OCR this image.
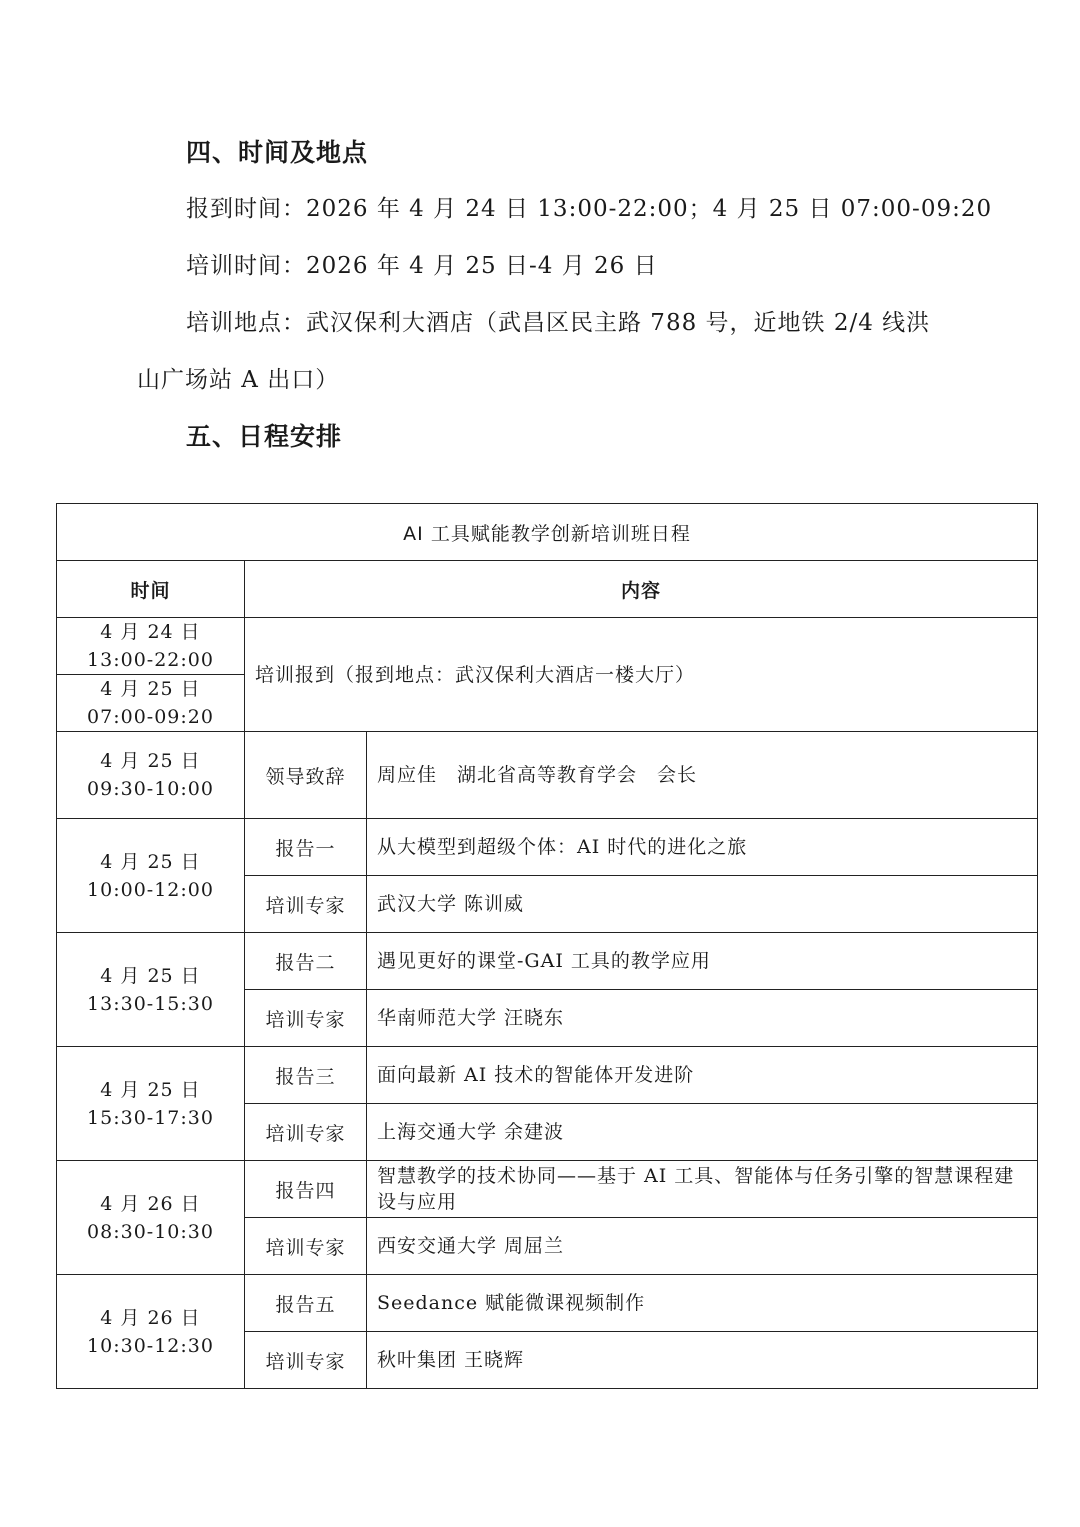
四、时间及地点
报到时间：2026 年 4 月 24 日 13:00-22:00；4 月 25 日 07:00-09:20
培训时间：2026 年 4 月 25 日-4 月 26 日
培训地点：武汉保利大酒店（武昌区民主路 788 号，近地铁 2/4 线洪
山广场站 A 出口）
五、日程安排
AI 工具赋能教学创新培训班日程		
时间	内容	

4 月 24 日
13:00-22:00	培训报到（报到地点：武汉保利大酒店一楼大厅）	

4 月 25 日
07:00-09:20		

4 月 25 日
09:30-10:00	领导致辞	周应佳　湖北省高等教育学会　会长

4 月 25 日
10:00-12:00	报告一	从大模型到超级个体：AI 时代的进化之旅
	培训专家	武汉大学 陈训威

4 月 25 日
13:30-15:30	报告二	遇见更好的课堂-GAI 工具的教学应用
	培训专家	华南师范大学 汪晓东

4 月 25 日
15:30-17:30	报告三	面向最新 AI 技术的智能体开发进阶
	培训专家	上海交通大学 余建波

4 月 26 日
08:30-10:30	报告四	智慧教学的技术协同——基于 AI 工具、智能体与任务引擎的智慧课程建设与应用
	培训专家	西安交通大学 周屈兰

4 月 26 日
10:30-12:30	报告五	Seedance 赋能微课视频制作
	培训专家	秋叶集团 王晓辉
